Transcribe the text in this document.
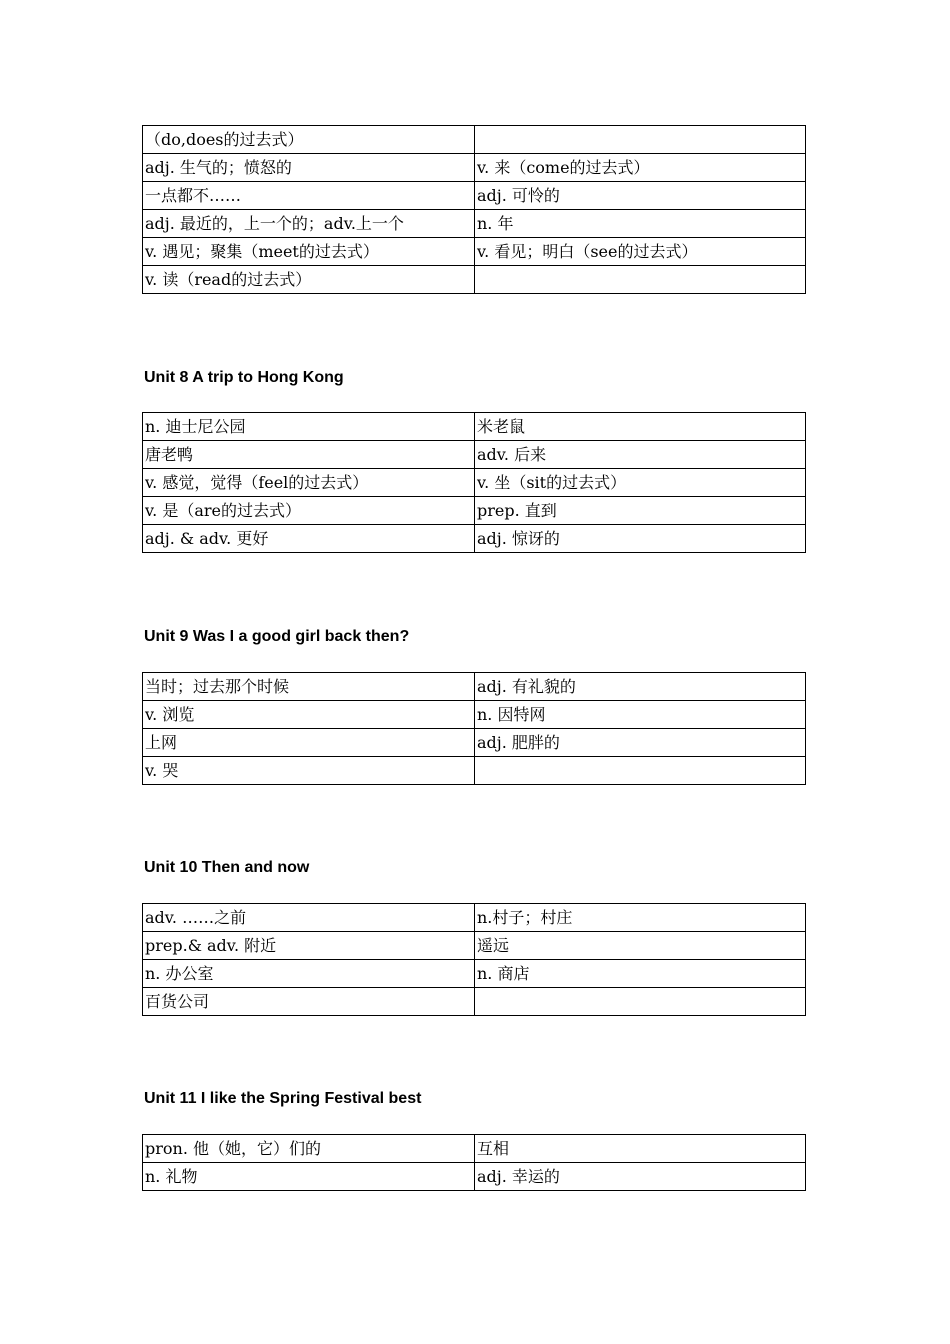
（do,does的过去式）	
adj. 生气的；愤怒的	v. 来（come的过去式）
一点都不……	adj. 可怜的
adj. 最近的，上一个的；adv.上一个	n. 年
v. 遇见；聚集（meet的过去式）	v. 看见；明白（see的过去式）
v. 读（read的过去式）	
Unit 8 A trip to Hong Kong
n. 迪士尼公园	米老鼠
唐老鸭	adv. 后来
v. 感觉，觉得（feel的过去式）	v. 坐（sit的过去式）
v. 是（are的过去式）	prep. 直到
adj. & adv. 更好	adj. 惊讶的
Unit 9 Was I a good girl back then?
当时；过去那个时候	adj. 有礼貌的
v. 浏览	n. 因特网
上网	adj. 肥胖的
v. 哭	
Unit 10 Then and now
adv. ……之前	n.村子；村庄
prep.& adv. 附近	遥远
n. 办公室	n. 商店
百货公司	
Unit 11 I like the Spring Festival best
pron. 他（她，它）们的	互相
n. 礼物	adj. 幸运的
